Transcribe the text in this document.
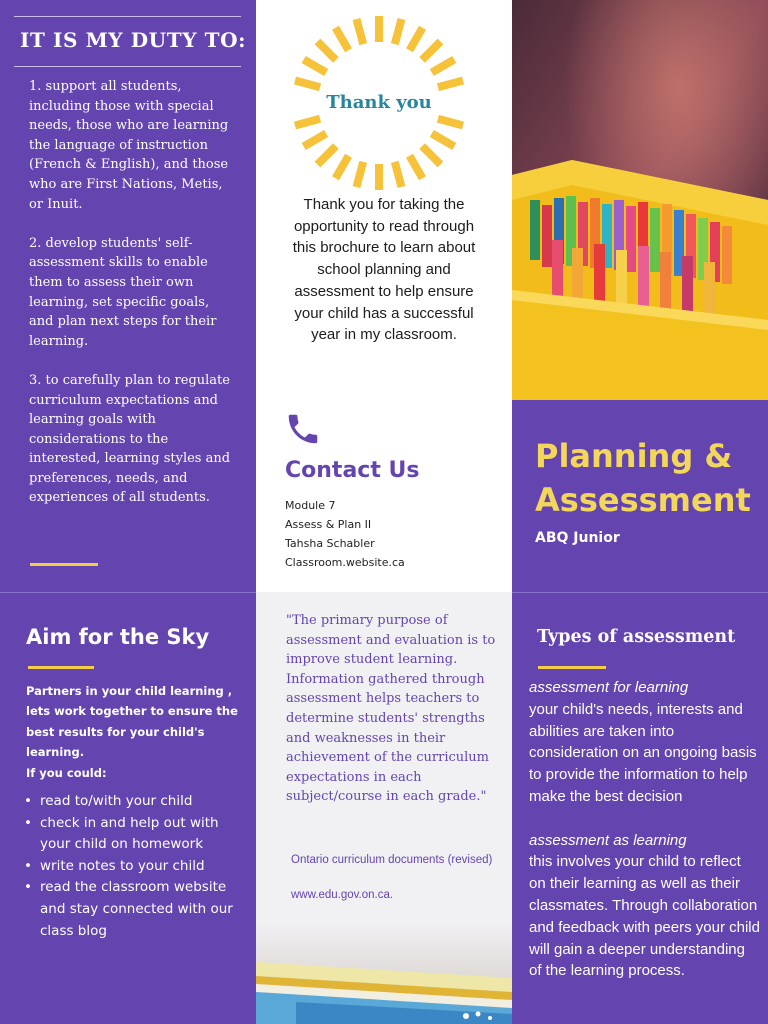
IT IS MY DUTY TO:

1. support all students, including those with special needs, those who are learning the language of instruction (French & English), and those who are First Nations, Metis, or Inuit.

2. develop students' self-assessment skills to enable them to assess their own learning, set specific goals, and plan next steps for their learning.

3. to carefully plan to regulate curriculum expectations and learning goals with considerations to the interested, learning styles and preferences, needs, and experiences of all students.

Thank you

Thank you for taking the opportunity to read through this brochure to learn about school planning and assessment to help ensure your child has a successful year in my classroom.

Contact Us
Module 7
Assess & Plan II
Tahsha Schabler
Classroom.website.ca
Planning & Assessment
ABQ Junior
Aim for the Sky
Partners in your child learning , lets work together to ensure the best results for your child's learning.
If you could:
• read to/with your child
• check in and help out with your child on homework
• write notes to your child
• read the classroom website and stay connected with our class blog

"The primary purpose of assessment and evaluation is to improve student learning. Information gathered through assessment helps teachers to determine students' strengths and weaknesses in their achievement of the curriculum expectations in each subject/course in each grade."

Ontario curriculum documents (revised)
www.edu.gov.on.ca.
Types of assessment
assessment for learning
your child's needs, interests and abilities are taken into consideration on an ongoing basis to provide the information to help make the best decision
assessment as learning
this involves your child to reflect on their learning as well as their classmates. Through collaboration and feedback with peers your child will gain a deeper understanding of the learning process.
